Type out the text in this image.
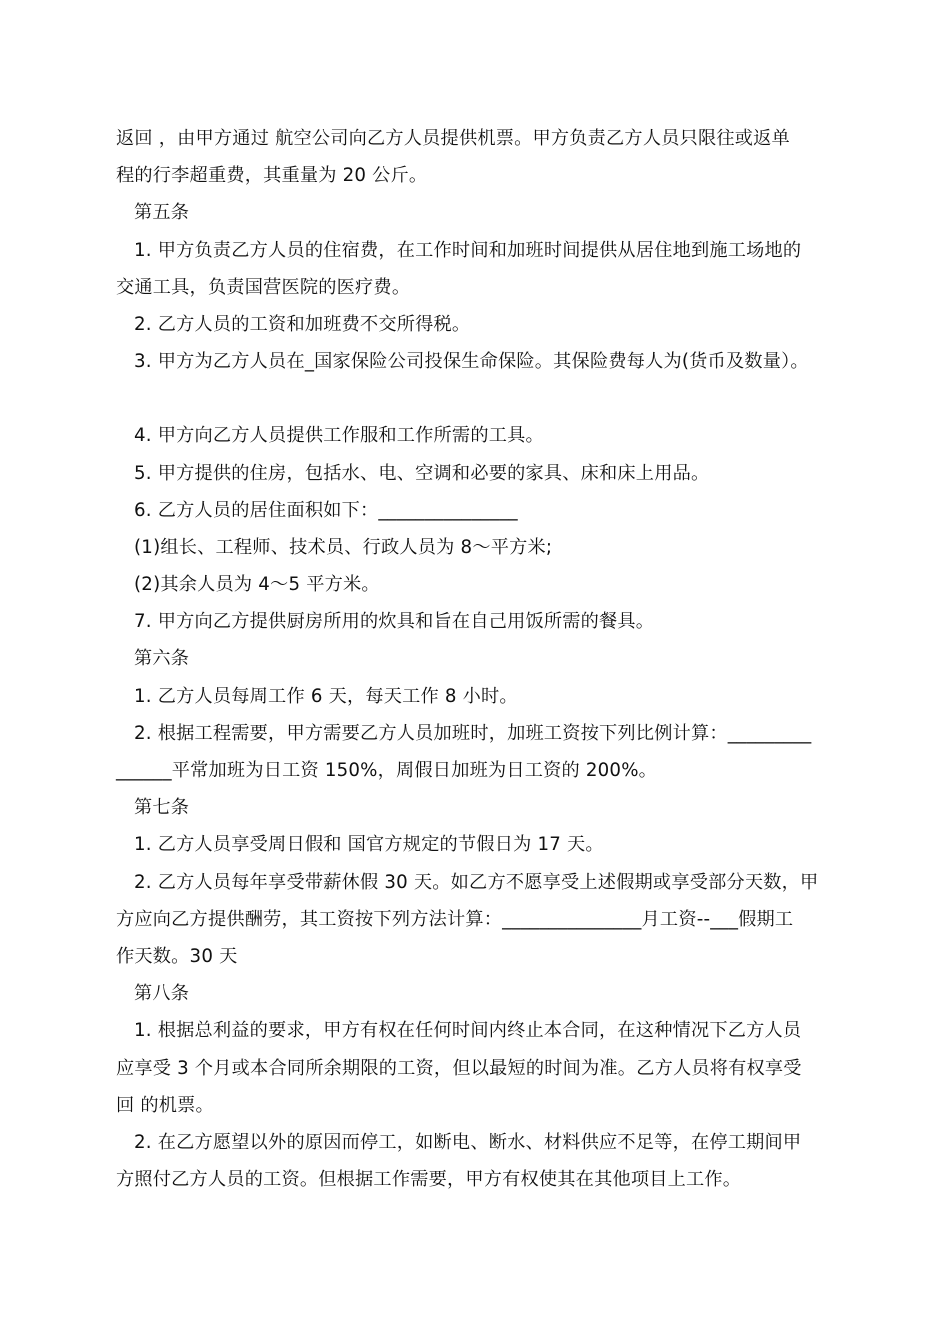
返回 ，由甲方通过 航空公司向乙方人员提供机票。甲方负责乙方人员只限往或返单
程的行李超重费，其重量为 20 公斤。
第五条
1. 甲方负责乙方人员的住宿费，在工作时间和加班时间提供从居住地到施工场地的
交通工具，负责国营医院的医疗费。
2. 乙方人员的工资和加班费不交所得税。
3. 甲方为乙方人员在_国家保险公司投保生命保险。其保险费每人为(货币及数量）。
4. 甲方向乙方人员提供工作服和工作所需的工具。
5. 甲方提供的住房，包括水、电、空调和必要的家具、床和床上用品。
6. 乙方人员的居住面积如下：_______________
(1)组长、工程师、技术员、行政人员为 8～平方米;
(2)其余人员为 4～5 平方米。
7. 甲方向乙方提供厨房所用的炊具和旨在自己用饭所需的餐具。
第六条
1. 乙方人员每周工作 6 天，每天工作 8 小时。
2. 根据工程需要，甲方需要乙方人员加班时，加班工资按下列比例计算：_________
______平常加班为日工资 150%，周假日加班为日工资的 200%。
第七条
1. 乙方人员享受周日假和 国官方规定的节假日为 17 天。
2. 乙方人员每年享受带薪休假 30 天。如乙方不愿享受上述假期或享受部分天数，甲
方应向乙方提供酬劳，其工资按下列方法计算：_______________月工资--___假期工
作天数。30 天
第八条
1. 根据总利益的要求，甲方有权在任何时间内终止本合同，在这种情况下乙方人员
应享受 3 个月或本合同所余期限的工资，但以最短的时间为准。乙方人员将有权享受
回 的机票。
2. 在乙方愿望以外的原因而停工，如断电、断水、材料供应不足等，在停工期间甲
方照付乙方人员的工资。但根据工作需要，甲方有权使其在其他项目上工作。
